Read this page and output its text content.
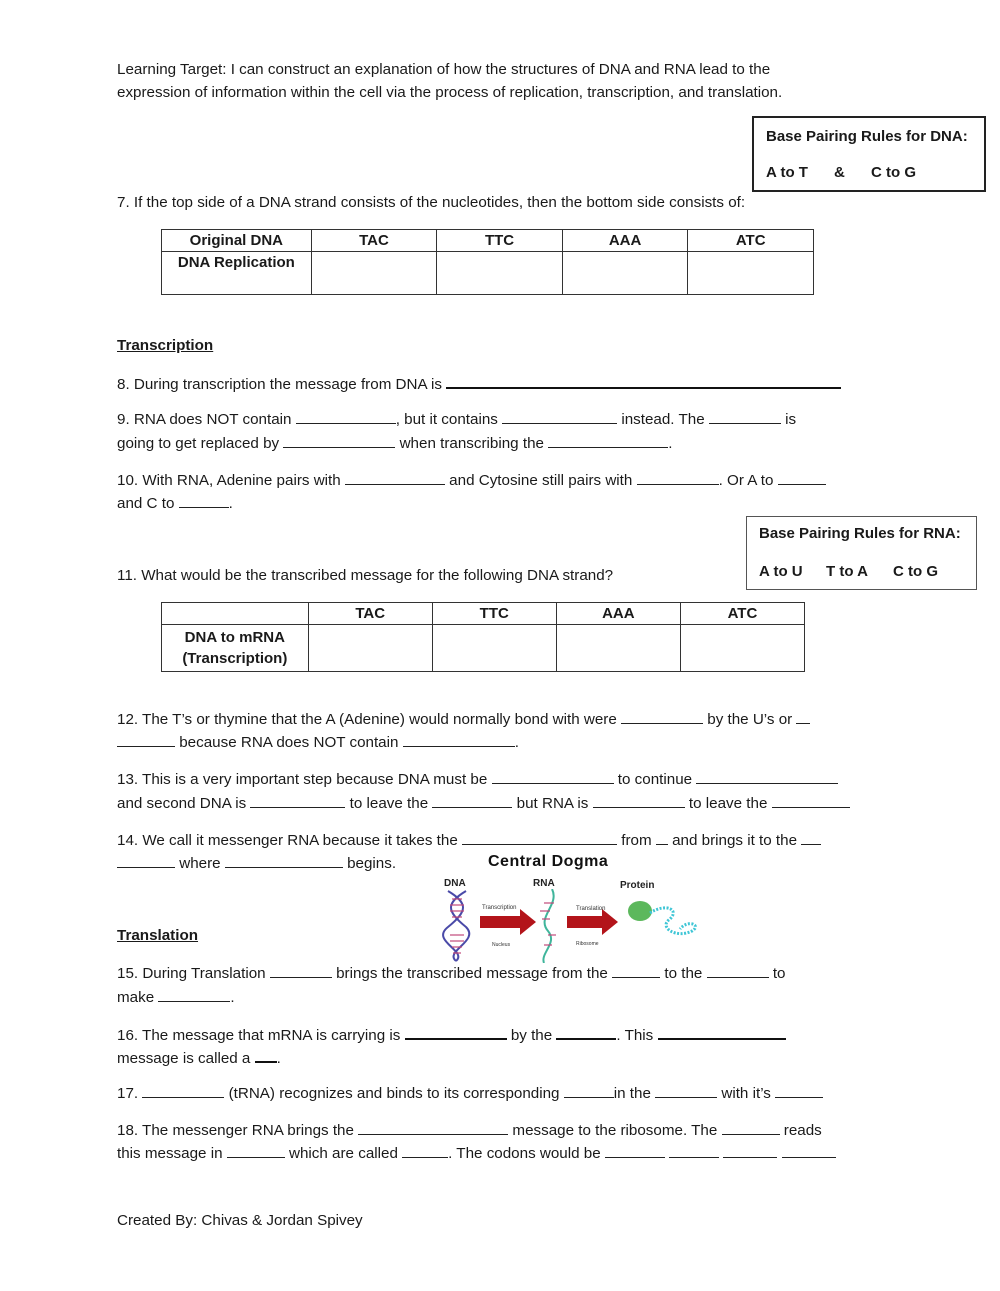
Learning Target: I can construct an explanation of how the structures of DNA and RNA lead to the
expression of information within the cell via the process of replication, transcription, and translation.
Base Pairing Rules for DNA:
A to T & C to G
7. If the top side of a DNA strand consists of the nucleotides, then the bottom side consists of:
Original DNA	TAC	TTC	AAA	ATC
DNA Replication				
Transcription
8. During transcription the message from DNA is
9. RNA does NOT contain	, but it contains	instead. The	is
going to get replaced by	when transcribing the	.
10. With RNA, Adenine pairs with	and Cytosine still pairs with	. Or A to
and C to	.
Base Pairing Rules for RNA:
A to U T to A C to G
11. What would be the transcribed message for the following DNA strand?
	TAC	TTC	AAA	ATC

DNA to mRNA
(Transcription)				

12. The T’s or thymine that the A (Adenine) would normally bond with were	by the U’s or
because RNA does NOT contain	.
13. This is a very important step because DNA must be	to continue
and second DNA is	to leave the	but RNA is	to leave the
14. We call it messenger RNA because it takes the	from and brings it to the
where	begins.	Central Dogma
DNA	RNA	Protein
Transcription
Nucleus
Translation
Ribosome
Translation
15. During Translation	brings the transcribed message from the	to the	to
make	.
16. The message that mRNA is carrying is	by the	. This
message is called a .
17.	(tRNA) recognizes and binds to its corresponding	in the	with it’s
18. The messenger RNA brings the	message to the ribosome. The	reads
this message in	which are called	. The codons would be
Created By: Chivas & Jordan Spivey
